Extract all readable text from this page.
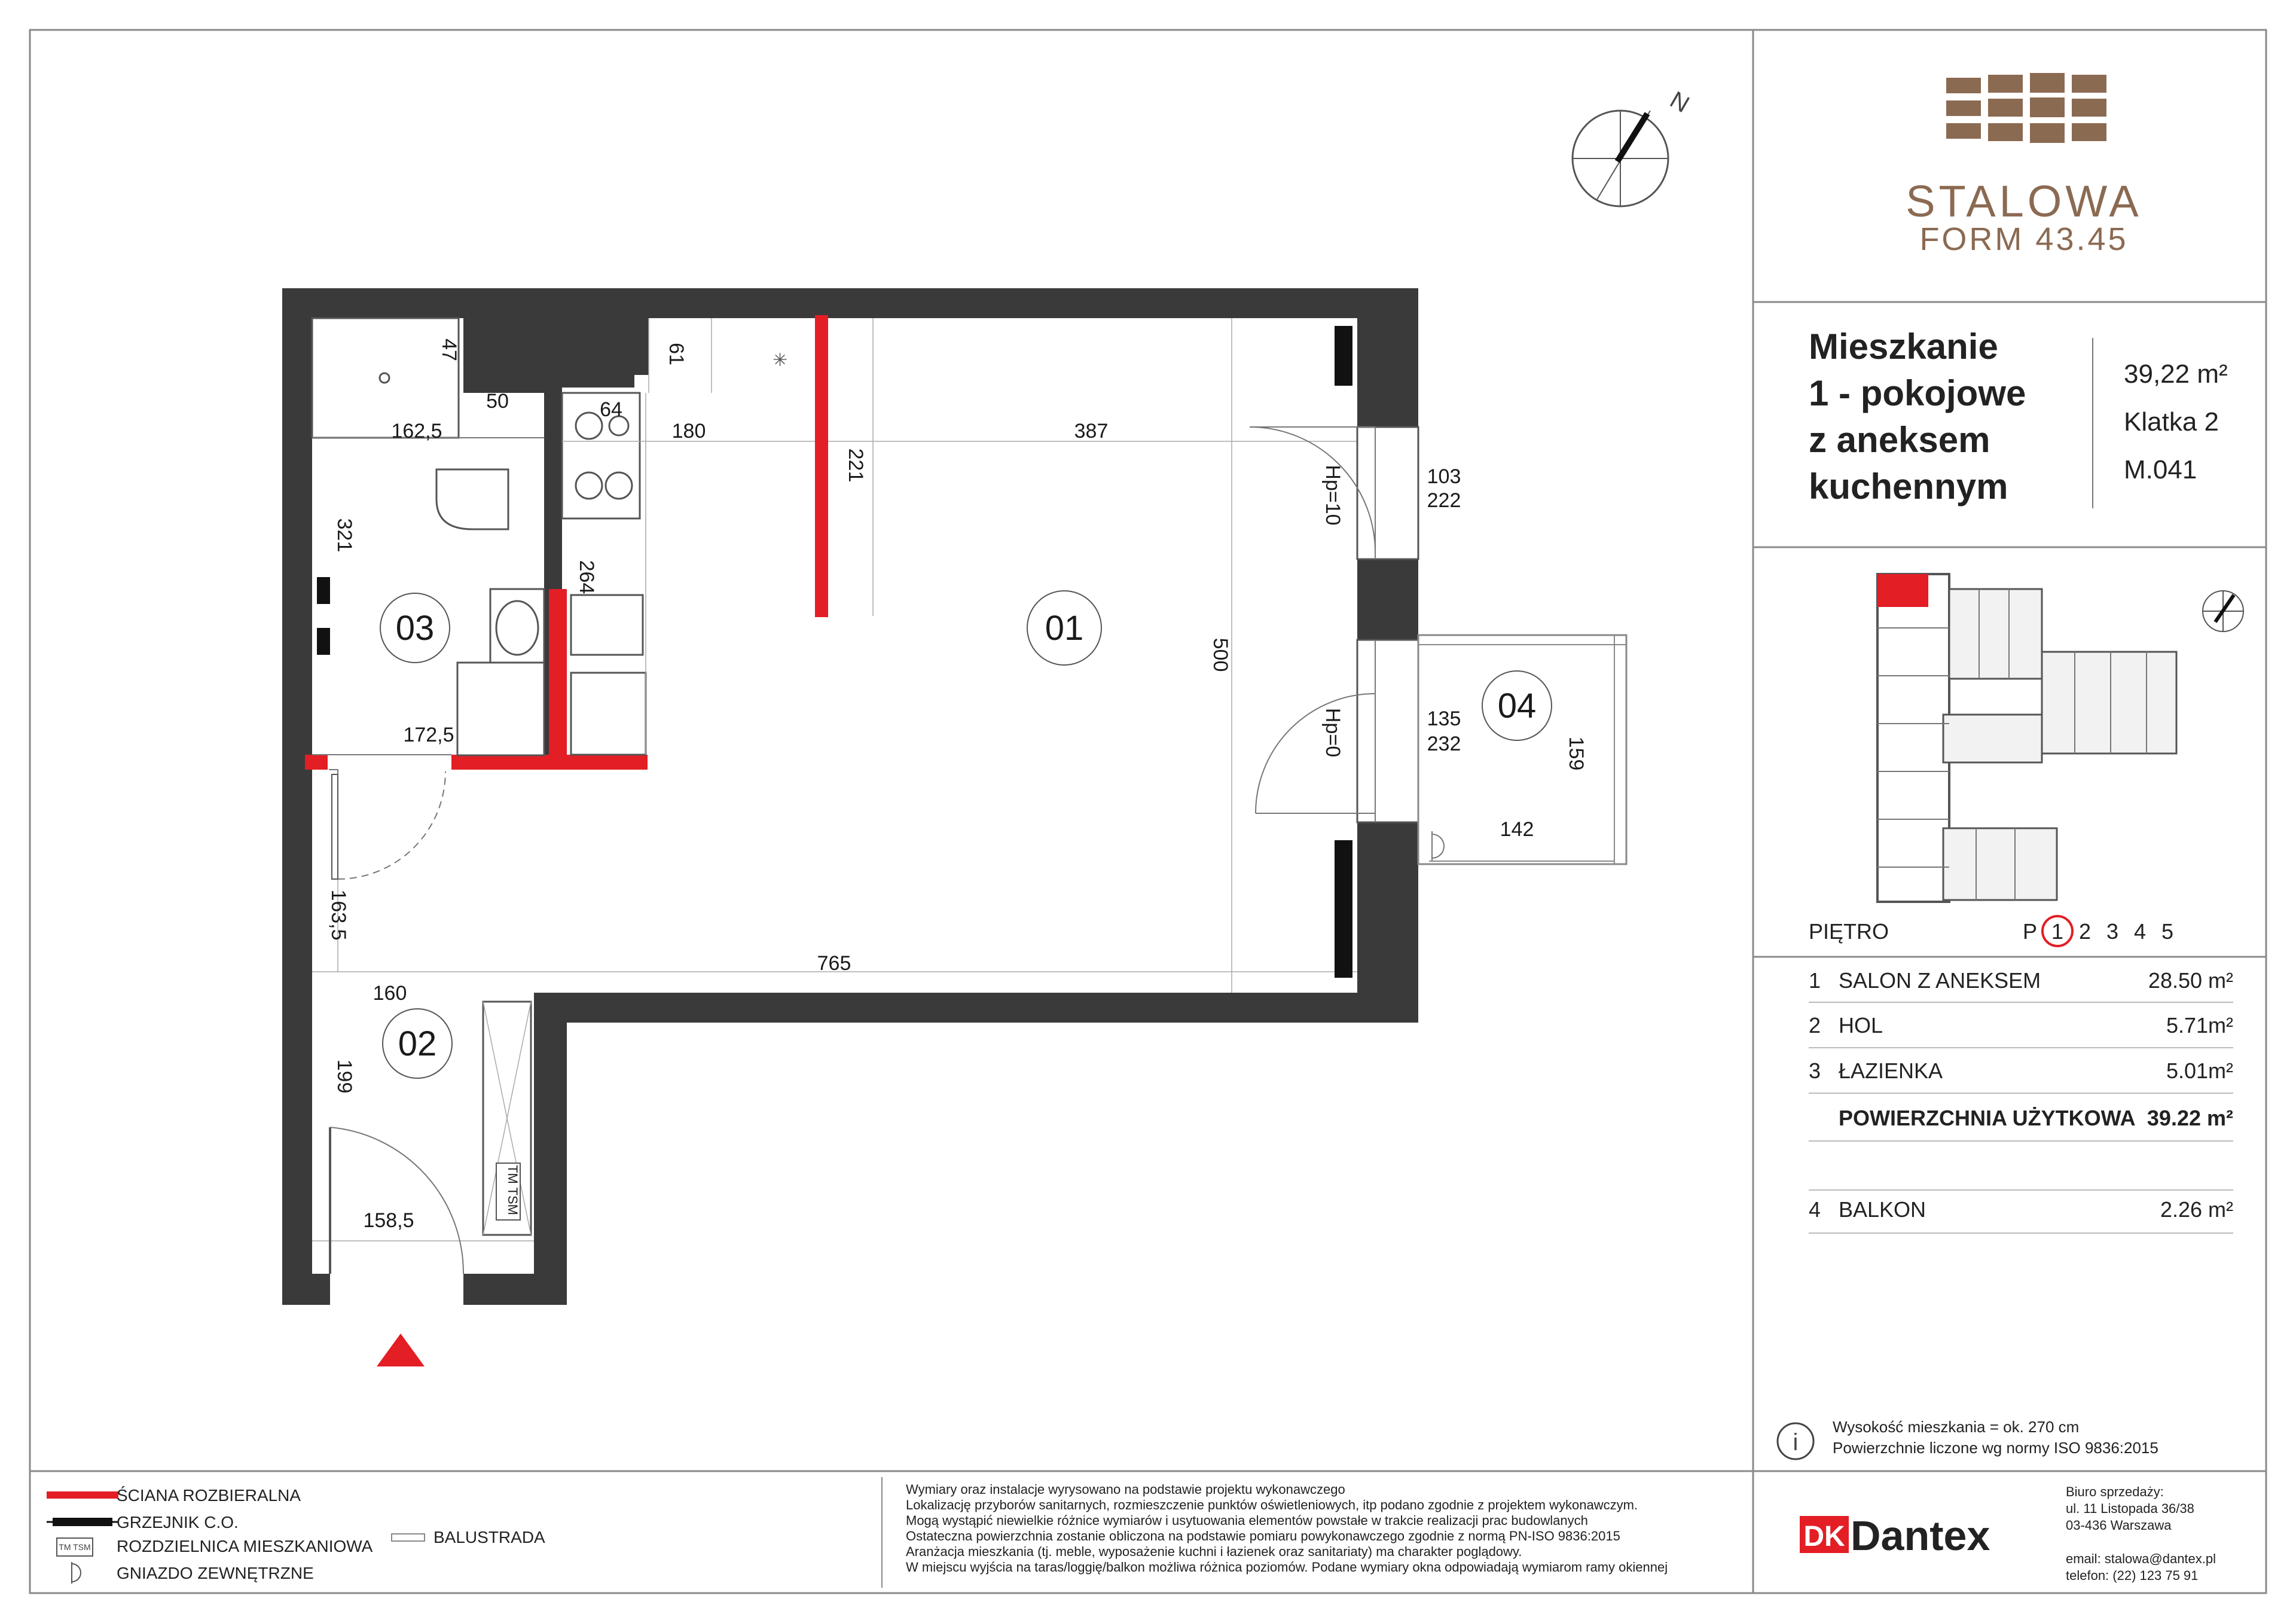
✳
TM TSM
01
02
03
04
47
50
162,5
64
61
180
221
387
321
264
500
Hp=10
Hp=0
103
222
135
232	159
142
172,5
163,5
765
160
199
158,5
N
STALOWA
FORM 43.45
Mieszkanie
1 - pokojowe
z aneksem
kuchennym
39,22 m²
Klatka 2
M.041
PIĘTRO	P 1 2 3 4 5
1 SALON Z ANEKSEM	28.50 m²
2 HOL	5.71m²
3 ŁAZIENKA	5.01m²
POWIERZCHNIA UŻYTKOWA 39.22 m²
4 BALKON	2.26 m²
i
Wysokość mieszkania = ok. 270 cm
Powierzchnie liczone wg normy ISO 9836:2015
ŚCIANA ROZBIERALNA
GRZEJNIK C.O.
TM TSM ROZDZIELNICA MIESZKANIOWA
GNIAZDO ZEWNĘTRZNE
BALUSTRADA
Wymiary oraz instalacje wyrysowano na podstawie projektu wykonawczego
Lokalizację przyborów sanitarnych, rozmieszczenie punktów oświetleniowych, itp podano zgodnie z projektem wykonawczym.
Mogą wystąpić niewielkie różnice wymiarów i usytuowania elementów powstałe w trakcie realizacji prac budowlanych
Ostateczna powierzchnia zostanie obliczona na podstawie pomiaru powykonawczego zgodnie z normą PN-ISO 9836:2015
Aranżacja mieszkania (tj. meble, wyposażenie kuchni i łazienek oraz sanitariaty) ma charakter poglądowy.
W miejscu wyjścia na taras/loggię/balkon możliwa różnica poziomów. Podane wymiary okna odpowiadają wymiarom ramy okiennej
DK Dantex
Biuro sprzedaży:
ul. 11 Listopada 36/38
03-436 Warszawa
email: stalowa@dantex.pl
telefon: (22) 123 75 91
